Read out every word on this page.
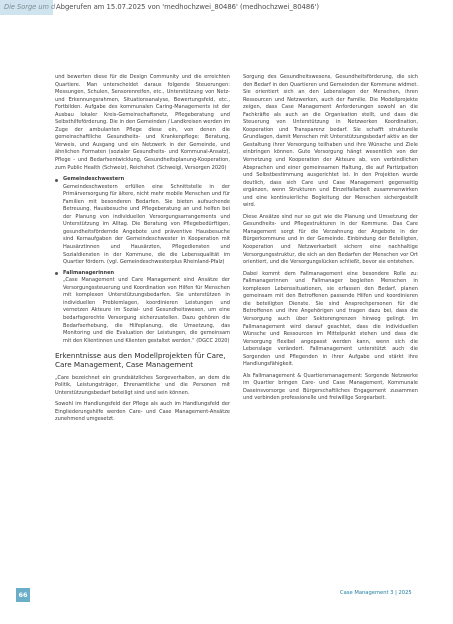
Die Sorge um d Abgerufen am 15.07.2025 von 'medhochzwei_80486' (medhochzwei_80486')

und bewerten diese für die Design Community und die erreichten Quartiere. Man unterscheidet daraus folgende Steuerungen: Messungen, Schulen, Sensorenreifen, etc., Unterstützung von Netz- und Erkennungsrahmen, Situationsanalyse, Bewertungsfeld, etc., Fortbilden. Aufgabe des kommunalen Caring-Managements ist der Ausbau lokaler Kreis-Gemeinschaftsnetz, Pflegeberatung und Selbsthilfeförderung. Die in den Gemeinden / Landkreisen werden im Zuge der ambulanten Pflege diese ein, von denen die gemeinschaftliche Gesundheits- und Krankenpflege: Beratung, Verweis, und Ausgang und ein Netzwerk in der Gemeinde, und ähnlichen Formaten (sozialer Gesundheits- und Kommunal-Ansatz), Pflege - und Bedarfsentwicklung, Gesundheitsplanung-Kooperation, zum Public Health (Schweiz), Reichshof. (Schweigl, Versorgen 2020)

Gemeindeschwestern
Gemeindeschwestern erfüllen eine Schnittstelle in der Primärversorgung für ältere, nicht mehr mobile Menschen und für Familien mit besonderen Bedarfen. Sie bieten aufsuchende Betreuung, Hausbesuche und Pflegeberatung an und helfen bei der Planung von individuellen Versorgungsarrangements und Unterstützung im Alltag. Die Beratung von Pflegebedürftigen, gesundheitsfördernde Angebote und präventive Hausbesuche sind Kernaufgaben der Gemeindeschwester in Kooperation mit Hausärztinnen und Hausärzten, Pflegediensten und Sozialdiensten in der Kommune, die die Lebensqualität im Quartier fördern. (vgl. Gemeindeschwesterplus Rheinland-Pfalz)
Fallmanagerinnen
„Case Management und Care Management sind Ansätze der Versorgungssteuerung und Koordination von Hilfen für Menschen mit komplexen Unterstützungsbedarfen. Sie unterstützen in individuellen Problemlagen, koordinieren Leistungen und vernetzen Akteure im Sozial- und Gesundheitswesen, um eine bedarfsgerechte Versorgung sicherzustellen. Dazu gehören die Bedarfserhebung, die Hilfeplanung, die Umsetzung, das Monitoring und die Evaluation der Leistungen, die gemeinsam mit den Klientinnen und Klienten gestaltet werden.“ (DGCC 2020)
Erkenntnisse aus den Modellprojekten für Care, Care Management, Case Management

„Care bezeichnet ein grundsätzliches Sorgeverhalten, an dem die Politik, Leistungsträger, Ehrenamtliche und die Personen mit Unterstützungsbedarf beteiligt sind und sein können.

Sowohl im Handlungsfeld der Pflege als auch im Handlungsfeld der Eingliederungshilfe werden Care- und Case Management-Ansätze zunehmend umgesetzt.

Sorgung des Gesundheitswesens, Gesundheitsförderung, die sich den Bedarf in den Quartieren und Gemeinden der Kommune widmet. Sie orientiert sich an den Lebenslagen der Menschen, ihren Ressourcen und Netzwerken, auch der Familie. Die Modellprojekte zeigen, dass Case Management Anforderungen sowohl an die Fachkräfte als auch an die Organisation stellt, und dass die Steuerung von Unterstützung in Netzwerken Koordination, Kooperation und Transparenz bedarf. Sie schafft strukturelle Grundlagen, damit Menschen mit Unterstützungsbedarf aktiv an der Gestaltung ihrer Versorgung teilhaben und ihre Wünsche und Ziele einbringen können. Gute Versorgung hängt wesentlich von der Vernetzung und Kooperation der Akteure ab, von verbindlichen Absprachen und einer gemeinsamen Haltung, die auf Partizipation und Selbstbestimmung ausgerichtet ist. In den Projekten wurde deutlich, dass sich Care und Case Management gegenseitig ergänzen, wenn Strukturen und Einzelfallarbeit zusammenwirken und eine kontinuierliche Begleitung der Menschen sichergestellt wird.

Diese Ansätze sind nur so gut wie die Planung und Umsetzung der Gesundheits- und Pflegestrukturen in der Kommune. Das Care Management sorgt für die Verzahnung der Angebote in der Bürgerkommune und in der Gemeinde. Einbindung der Beteiligten, Kooperation und Netzwerkarbeit sichern eine nachhaltige Versorgungsstruktur, die sich an den Bedarfen der Menschen vor Ort orientiert, und die Versorgungslücken schließt, bevor sie entstehen.

Dabei kommt dem Fallmanagement eine besondere Rolle zu: Fallmanagerinnen und Fallmanager begleiten Menschen in komplexen Lebenssituationen, sie erfassen den Bedarf, planen gemeinsam mit den Betroffenen passende Hilfen und koordinieren die beteiligten Dienste. Sie sind Ansprechpersonen für die Betroffenen und ihre Angehörigen und tragen dazu bei, dass die Versorgung auch über Sektorengrenzen hinweg gelingt. Im Fallmanagement wird darauf geachtet, dass die individuellen Wünsche und Ressourcen im Mittelpunkt stehen und dass die Versorgung flexibel angepasst werden kann, wenn sich die Lebenslage verändert. Fallmanagement unterstützt auch die Sorgenden und Pflegenden in ihrer Aufgabe und stärkt ihre Handlungsfähigkeit.

Als Fallmanagement & Quartiersmanagement: Sorgende Netzwerke im Quartier bringen Care- und Case Management, Kommunale Daseinsvorsorge und Bürgerschaftliches Engagement zusammen und verbinden professionelle und freiwillige Sorgearbeit.

66	Case Management 3 | 2025
